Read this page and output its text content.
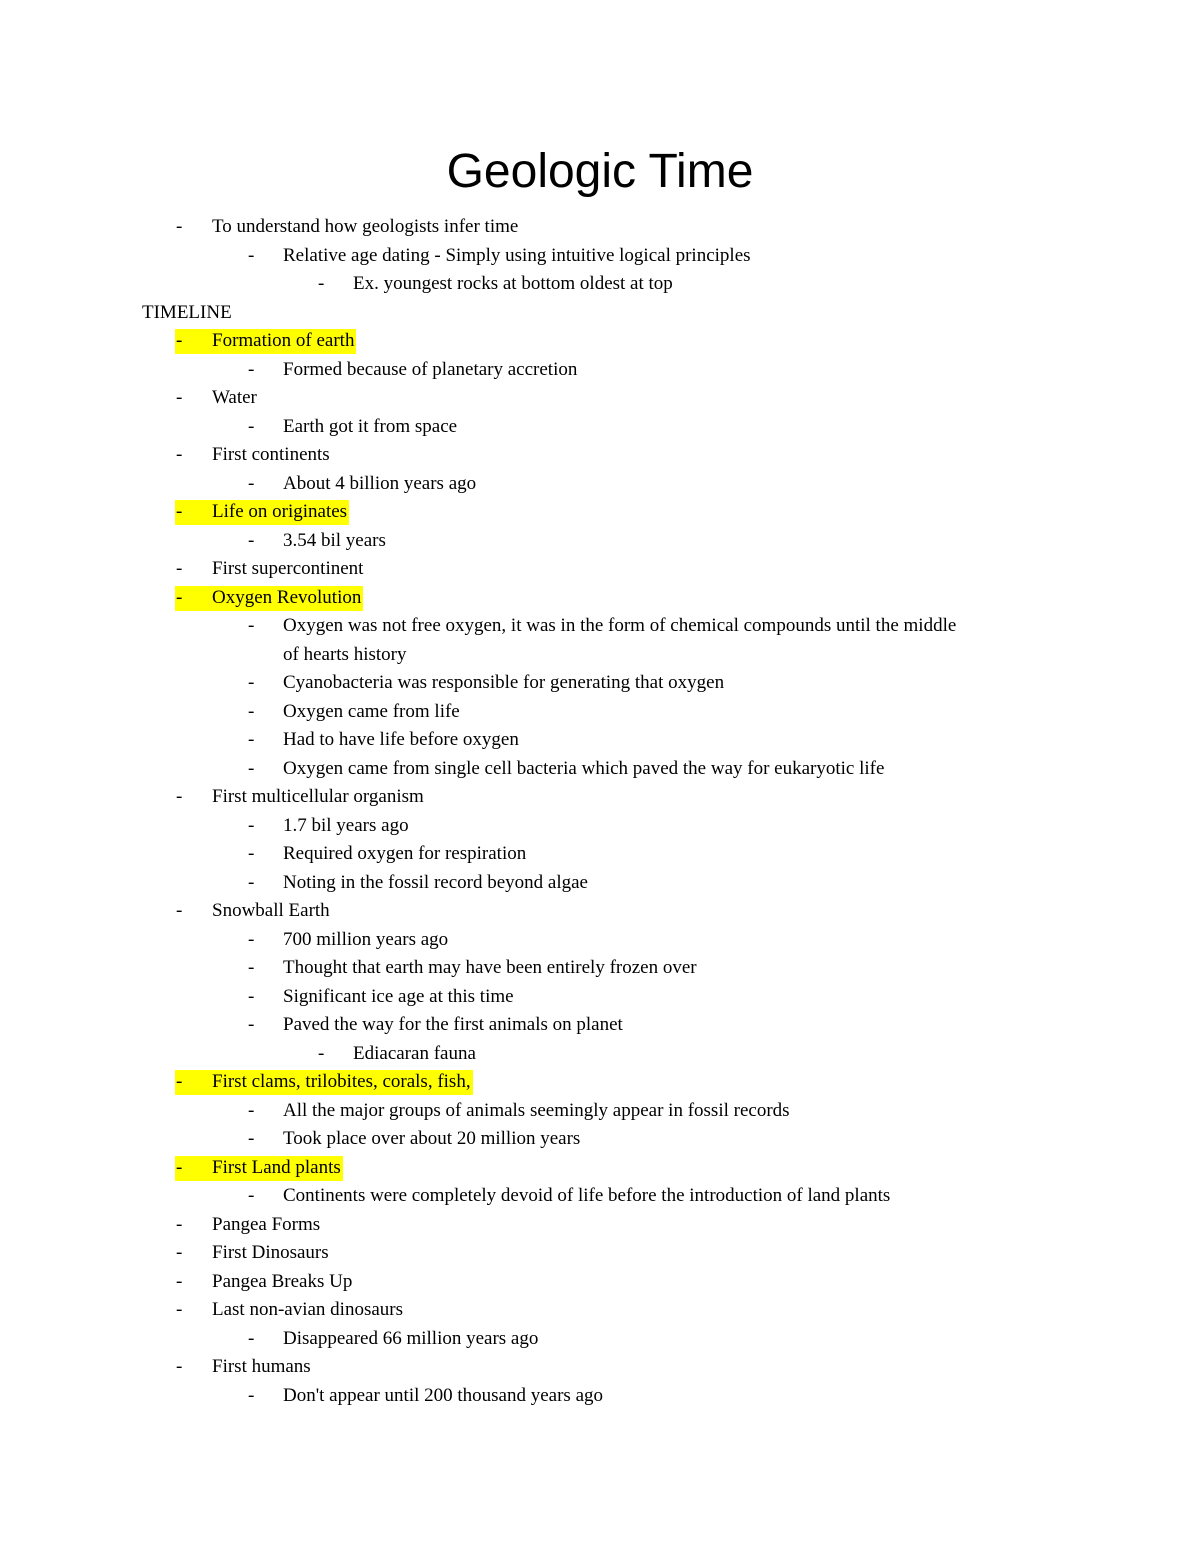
Geologic Time
-	To understand how geologists infer time
-	Relative age dating - Simply using intuitive logical principles
-	Ex. youngest rocks at bottom oldest at top
TIMELINE
-	Formation of earth
-	Formed because of planetary accretion
-	Water
-	Earth got it from space
-	First continents
-	About 4 billion years ago
-	Life on originates
-	3.54 bil years
-	First supercontinent
-	Oxygen Revolution
-	Oxygen was not free oxygen, it was in the form of chemical compounds until the middle
of hearts history
-	Cyanobacteria was responsible for generating that oxygen
-	Oxygen came from life
-	Had to have life before oxygen
-	Oxygen came from single cell bacteria which paved the way for eukaryotic life
-	First multicellular organism
-	1.7 bil years ago
-	Required oxygen for respiration
-	Noting in the fossil record beyond algae
-	Snowball Earth
-	700 million years ago
-	Thought that earth may have been entirely frozen over
-	Significant ice age at this time
-	Paved the way for the first animals on planet
-	Ediacaran fauna
-	First clams, trilobites, corals, fish,
-	All the major groups of animals seemingly appear in fossil records
-	Took place over about 20 million years
-	First Land plants
-	Continents were completely devoid of life before the introduction of land plants
-	Pangea Forms
-	First Dinosaurs
-	Pangea Breaks Up
-	Last non-avian dinosaurs
-	Disappeared 66 million years ago
-	First humans
-	Don't appear until 200 thousand years ago
